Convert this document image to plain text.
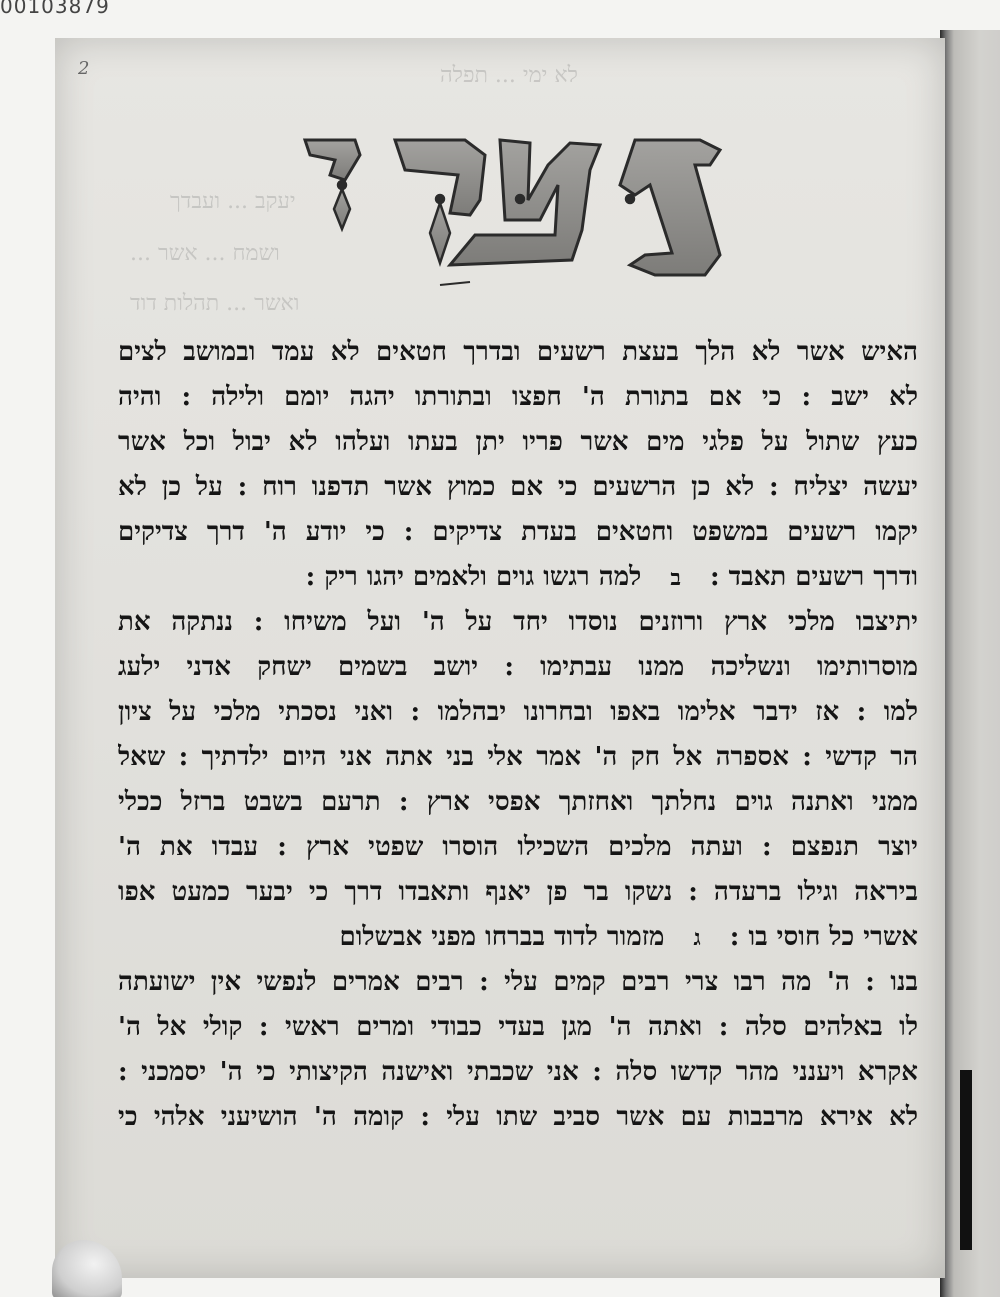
00103879
2	לא ימי ... תפלה
יעקב ... ועבדך
ושמח ... אשר ...
ואשר ... תהלות דוד
האיש אשר לא הלך בעצת רשעים ובדרך חטאים לא עמד ובמושב לצים
לא ישב : כי אם בתורת ה' חפצו ובתורתו יהגה יומם ולילה : והיה
כעץ שתול על פלגי מים אשר פריו יתן בעתו ועלהו לא יבול וכל אשר
יעשה יצליח : לא כן הרשעים כי אם כמוץ אשר תדפנו רוח : על כן לא
יקמו רשעים במשפט וחטאים בעדת צדיקים : כי יודע ה' דרך צדיקים
ודרך רשעים תאבד : ב למה רגשו גוים ולאמים יהגו ריק :
יתיצבו מלכי ארץ ורוזנים נוסדו יחד על ה' ועל משיחו : ננתקה את
מוסרותימו ונשליכה ממנו עבתימו : יושב בשמים ישחק אדני ילעג
למו : אז ידבר אלימו באפו ובחרונו יבהלמו : ואני נסכתי מלכי על ציון
הר קדשי : אספרה אל חק ה' אמר אלי בני אתה אני היום ילדתיך : שאל
ממני ואתנה גוים נחלתך ואחזתך אפסי ארץ : תרעם בשבט ברזל ככלי
יוצר תנפצם : ועתה מלכים השכילו הוסרו שפטי ארץ : עבדו את ה'
ביראה וגילו ברעדה : נשקו בר פן יאנף ותאבדו דרך כי יבער כמעט אפו
אשרי כל חוסי בו : ג מזמור לדוד בברחו מפני אבשלום
בנו : ה' מה רבו צרי רבים קמים עלי : רבים אמרים לנפשי אין ישועתה
לו באלהים סלה : ואתה ה' מגן בעדי כבודי ומרים ראשי : קולי אל ה'
אקרא ויענני מהר קדשו סלה : אני שכבתי ואישנה הקיצותי כי ה' יסמכני :
לא אירא מרבבות עם אשר סביב שתו עלי : קומה ה' הושיעני אלהי כי
